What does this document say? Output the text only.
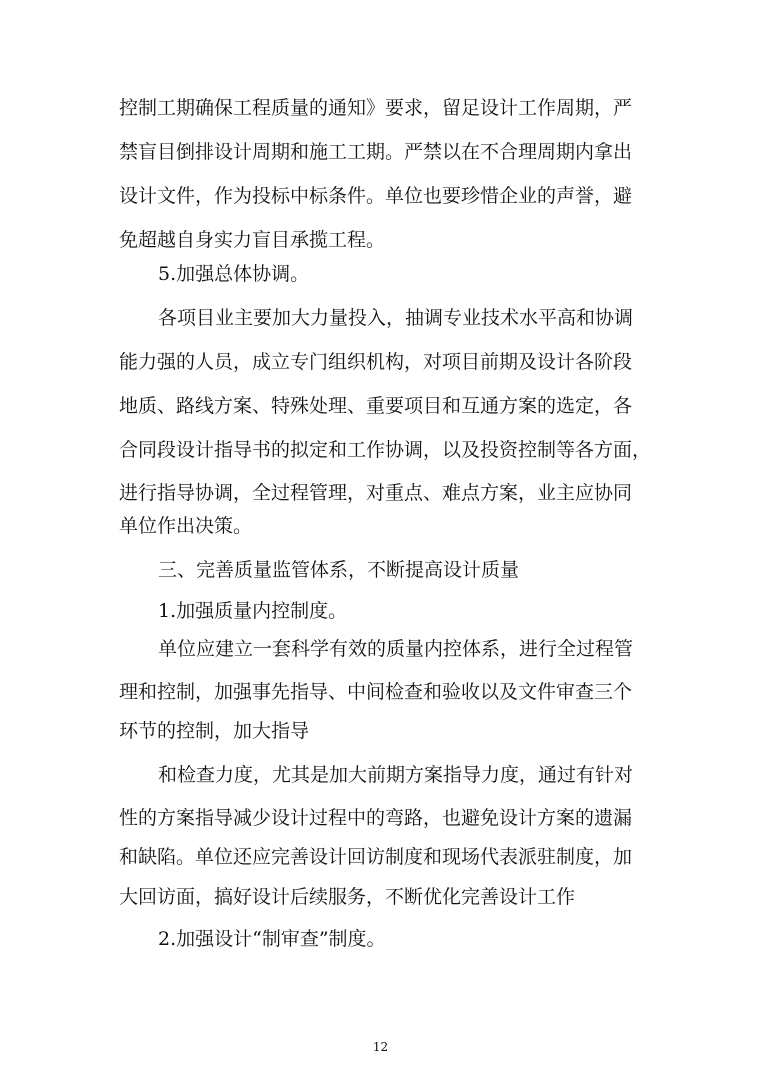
控制工期确保工程质量的通知》要求，留足设计工作周期，严
禁盲目倒排设计周期和施工工期。严禁以在不合理周期内拿出
设计文件，作为投标中标条件。单位也要珍惜企业的声誉，避
免超越自身实力盲目承揽工程。
5.加强总体协调。
各项目业主要加大力量投入，抽调专业技术水平高和协调
能力强的人员，成立专门组织机构，对项目前期及设计各阶段
地质、路线方案、特殊处理、重要项目和互通方案的选定，各
合同段设计指导书的拟定和工作协调，以及投资控制等各方面，
进行指导协调，全过程管理，对重点、难点方案，业主应协同
单位作出决策。
三、完善质量监管体系，不断提高设计质量
1.加强质量内控制度。
单位应建立一套科学有效的质量内控体系，进行全过程管
理和控制，加强事先指导、中间检查和验收以及文件审查三个
环节的控制，加大指导
和检查力度，尤其是加大前期方案指导力度，通过有针对
性的方案指导减少设计过程中的弯路，也避免设计方案的遗漏
和缺陷。单位还应完善设计回访制度和现场代表派驻制度，加
大回访面，搞好设计后续服务，不断优化完善设计工作
2.加强设计“制审查”制度。
12
